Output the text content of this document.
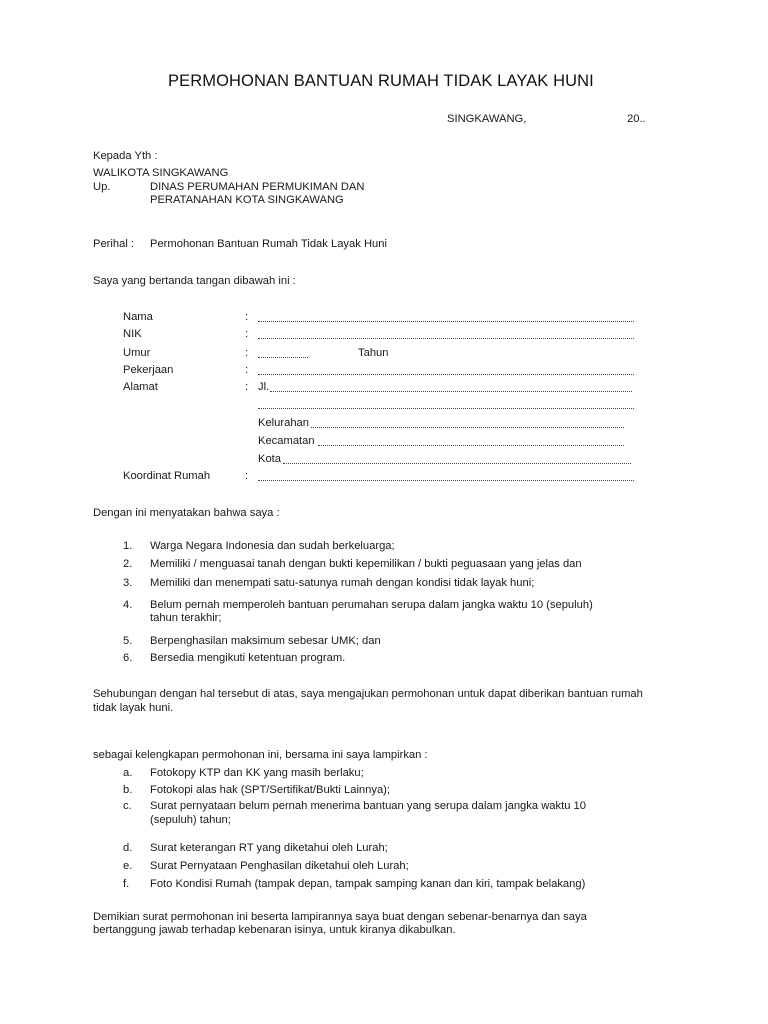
PERMOHONAN BANTUAN RUMAH TIDAK LAYAK HUNI
SINGKAWANG,	20..
Kepada Yth :
WALIKOTA SINGKAWANG
Up.	DINAS PERUMAHAN PERMUKIMAN DAN
PERATANAHAN KOTA SINGKAWANG
Perihal : Permohonan Bantuan Rumah Tidak Layak Huni
Saya yang bertanda tangan dibawah ini :
Nama	:
NIK	:
Umur	:	Tahun
Pekerjaan	:
Alamat	: Jl.
Kelurahan
Kecamatan
Kota
Koordinat Rumah	:
Dengan ini menyatakan bahwa saya :
1. Warga Negara Indonesia dan sudah berkeluarga;
2. Memiliki / menguasai tanah dengan bukti kepemilikan / bukti peguasaan yang jelas dan
3. Memiliki dan menempati satu-satunya rumah dengan kondisi tidak layak huni;
4. Belum pernah memperoleh bantuan perumahan serupa dalam jangka waktu 10 (sepuluh)
tahun terakhir;
5. Berpenghasilan maksimum sebesar UMK; dan
6. Bersedia mengikuti ketentuan program.
Sehubungan dengan hal tersebut di atas, saya mengajukan permohonan untuk dapat diberikan bantuan rumah
tidak layak huni.
sebagai kelengkapan permohonan ini, bersama ini saya lampirkan :
a. Fotokopy KTP dan KK yang masih berlaku;
b. Fotokopi alas hak (SPT/Sertifikat/Bukti Lainnya);
c. Surat pernyataan belum pernah menerima bantuan yang serupa dalam jangka waktu 10
(sepuluh) tahun;
d. Surat keterangan RT yang diketahui oleh Lurah;
e. Surat Pernyataan Penghasilan diketahui oleh Lurah;
f. Foto Kondisi Rumah (tampak depan, tampak samping kanan dan kiri, tampak belakang)
Demikian surat permohonan ini beserta lampirannya saya buat dengan sebenar-benarnya dan saya
bertanggung jawab terhadap kebenaran isinya, untuk kiranya dikabulkan.
